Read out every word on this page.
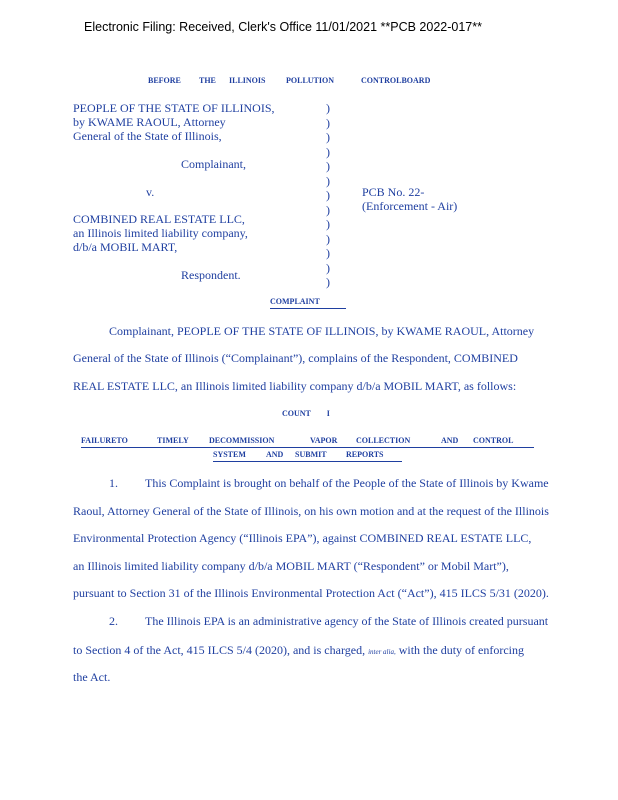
Electronic Filing: Received, Clerk's Office 11/01/2021 **PCB 2022-017**
BEFORE THE ILLINOIS	POLLUTION	CONTROLBOARD
PEOPLE OF THE STATE OF ILLINOIS,
by KWAME RAOUL, Attorney
General of the State of Illinois,
Complainant,
v.
COMBINED REAL ESTATE LLC,
an Illinois limited liability company,
d/b/a MOBIL MART,
Respondent.
)
)
)
)
)
)
)
)
)
)
)
)
)
PCB No. 22-
(Enforcement - Air)
COMPLAINT
Complainant, PEOPLE OF THE STATE OF ILLINOIS, by KWAME RAOUL, Attorney
General of the State of Illinois (“Complainant”), complains of the Respondent, COMBINED
REAL ESTATE LLC, an Illinois limited liability company d/b/a MOBIL MART, as follows:
COUNT I
FAILURETO	TIMELY	DECOMMISSION	VAPOR COLLECTION	AND CONTROL
SYSTEM	AND SUBMIT REPORTS
1. This Complaint is brought on behalf of the People of the State of Illinois by Kwame
Raoul, Attorney General of the State of Illinois, on his own motion and at the request of the Illinois
Environmental Protection Agency (“Illinois EPA”), against COMBINED REAL ESTATE LLC,
an Illinois limited liability company d/b/a MOBIL MART (“Respondent” or Mobil Mart”),
pursuant to Section 31 of the Illinois Environmental Protection Act (“Act”), 415 ILCS 5/31 (2020).
2. The Illinois EPA is an administrative agency of the State of Illinois created pursuant
to Section 4 of the Act, 415 ILCS 5/4 (2020), and is charged, inter alia, with the duty of enforcing
the Act.
